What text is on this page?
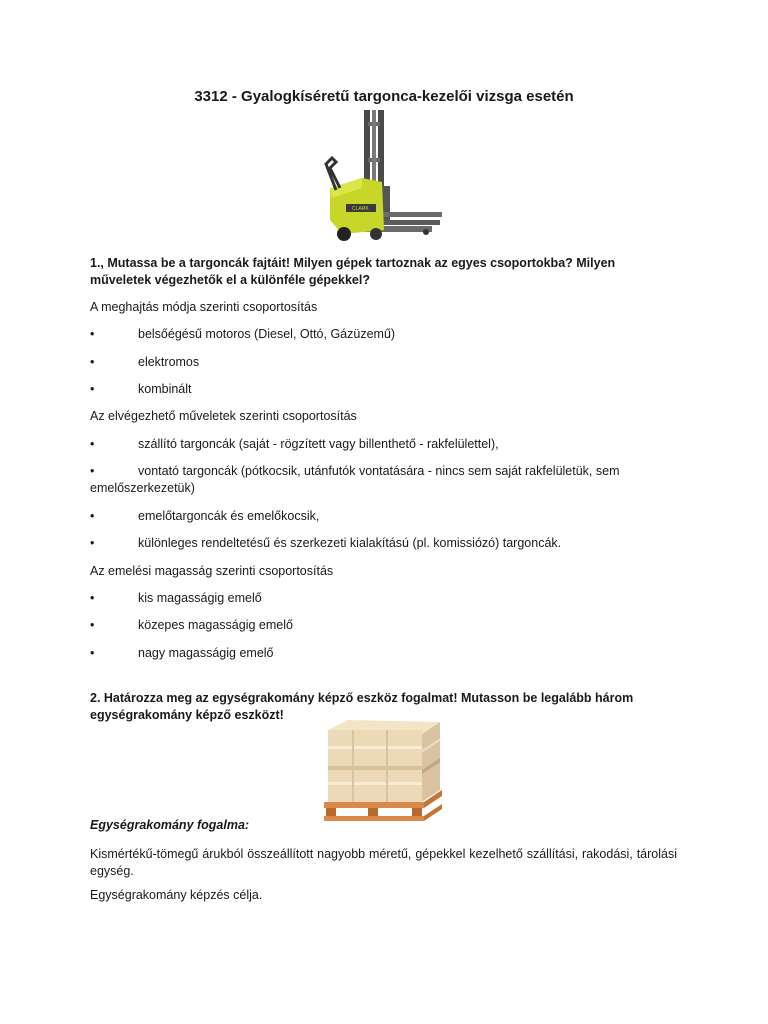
3312 - Gyalogkíséretű targonca-kezelői vizsga esetén
CLARK
1., Mutassa be a targoncák fajtáit! Milyen gépek tartoznak az egyes csoportokba? Milyen műveletek végezhetők el a különféle gépekkel?
A meghajtás módja szerinti csoportosítás
•	belsőégésű motoros (Diesel, Ottó, Gázüzemű)
•	elektromos
•	kombinált
Az elvégezhető műveletek szerinti csoportosítás
•	szállító targoncák (saját - rögzített vagy billenthető - rakfelülettel),
•	vontató targoncák (pótkocsik, utánfutók vontatására - nincs sem saját rakfelületük, sem emelőszerkezetük)
•	emelőtargoncák és emelőkocsik,
•	különleges rendeltetésű és szerkezeti kialakítású (pl. komissiózó) targoncák.
Az emelési magasság szerinti csoportosítás
•	kis magasságig emelő
•	közepes magasságig emelő
•	nagy magasságig emelő
2. Határozza meg az egységrakomány képző eszköz fogalmat! Mutasson be legalább három egységrakomány képző eszközt!
Egységrakomány fogalma:
Kismértékű-tömegű árukból összeállított nagyobb méretű, gépekkel kezelhető szállítási, rakodási, tárolási egység.
Egységrakomány képzés célja.
